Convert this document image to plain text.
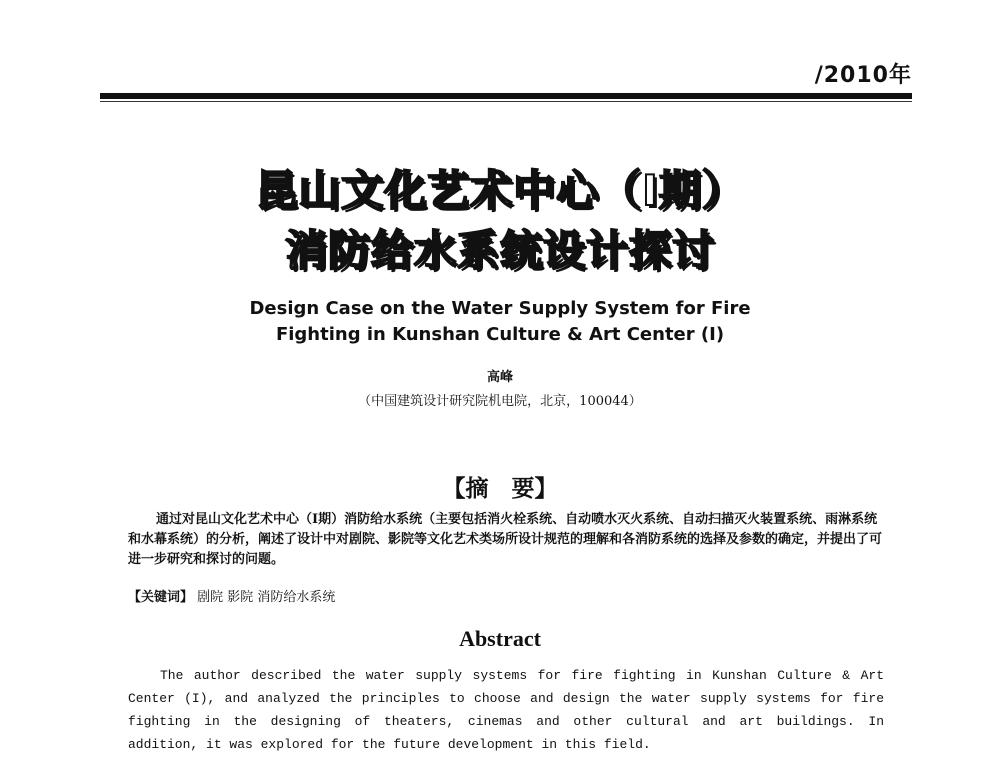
/2010年
昆山文化艺术中心（I期）
消防给水系统设计探讨
Design Case on the Water Supply System for Fire
Fighting in Kunshan Culture & Art Center (I)
高峰
（中国建筑设计研究院机电院，北京，100044）
【摘　要】
通过对昆山文化艺术中心（I期）消防给水系统（主要包括消火栓系统、自动喷水灭火系统、自动扫描灭火装置系统、雨淋系统和水幕系统）的分析，阐述了设计中对剧院、影院等文化艺术类场所设计规范的理解和各消防系统的选择及参数的确定，并提出了可进一步研究和探讨的问题。
【关键词】 剧院 影院 消防给水系统
Abstract
The author described the water supply systems for fire fighting in Kunshan Culture & Art Center (I), and analyzed the principles to choose and design the water supply systems for fire fighting in the designing of theaters, cinemas and other cultural and art buildings. In addition, it was explored for the future development in this field.
